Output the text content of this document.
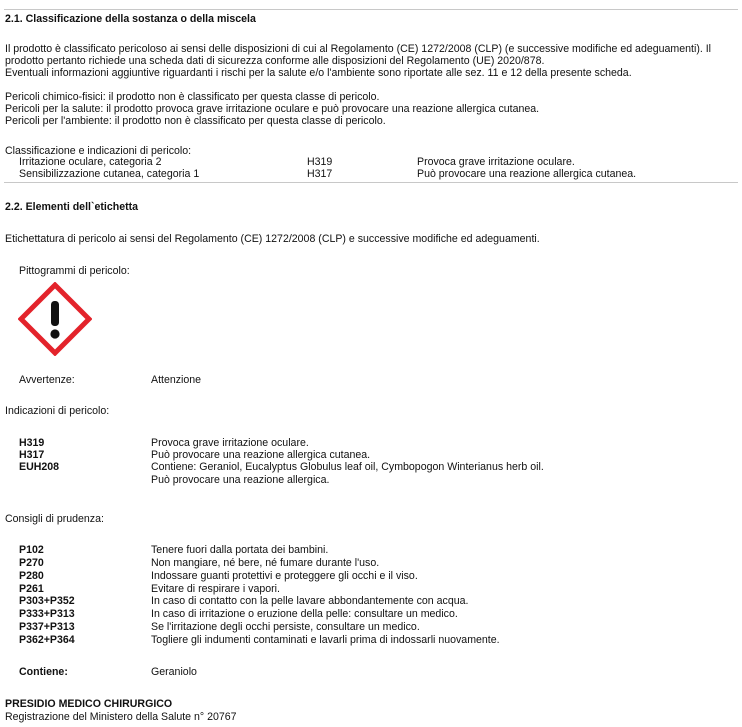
2.1. Classificazione della sostanza o della miscela
Il prodotto è classificato pericoloso ai sensi delle disposizioni di cui al Regolamento (CE) 1272/2008 (CLP) (e successive modifiche ed adeguamenti). Il
prodotto pertanto richiede una scheda dati di sicurezza conforme alle disposizioni del Regolamento (UE) 2020/878.
Eventuali informazioni aggiuntive riguardanti i rischi per la salute e/o l'ambiente sono riportate alle sez. 11 e 12 della presente scheda.
Pericoli chimico-fisici: il prodotto non è classificato per questa classe di pericolo.
Pericoli per la salute: il prodotto provoca grave irritazione oculare e può provocare una reazione allergica cutanea.
Pericoli per l'ambiente: il prodotto non è classificato per questa classe di pericolo.
Classificazione e indicazioni di pericolo:
Irritazione oculare, categoria 2	H319	Provoca grave irritazione oculare.
Sensibilizzazione cutanea, categoria 1	H317	Può provocare una reazione allergica cutanea.
2.2. Elementi dell`etichetta
Etichettatura di pericolo ai sensi del Regolamento (CE) 1272/2008 (CLP) e successive modifiche ed adeguamenti.
Pittogrammi di pericolo:
Avvertenze:	Attenzione
Indicazioni di pericolo:
H319	Provoca grave irritazione oculare.
H317	Può provocare una reazione allergica cutanea.
EUH208	Contiene: Geraniol, Eucalyptus Globulus leaf oil, Cymbopogon Winterianus herb oil.
Può provocare una reazione allergica.
Consigli di prudenza:
P102	Tenere fuori dalla portata dei bambini.
P270	Non mangiare, né bere, né fumare durante l'uso.
P280	Indossare guanti protettivi e proteggere gli occhi e il viso.
P261	Evitare di respirare i vapori.
P303+P352	In caso di contatto con la pelle lavare abbondantemente con acqua.
P333+P313	In caso di irritazione o eruzione della pelle: consultare un medico.
P337+P313	Se l'irritazione degli occhi persiste, consultare un medico.
P362+P364	Togliere gli indumenti contaminati e lavarli prima di indossarli nuovamente.
Contiene:	Geraniolo
PRESIDIO MEDICO CHIRURGICO
Registrazione del Ministero della Salute n° 20767
